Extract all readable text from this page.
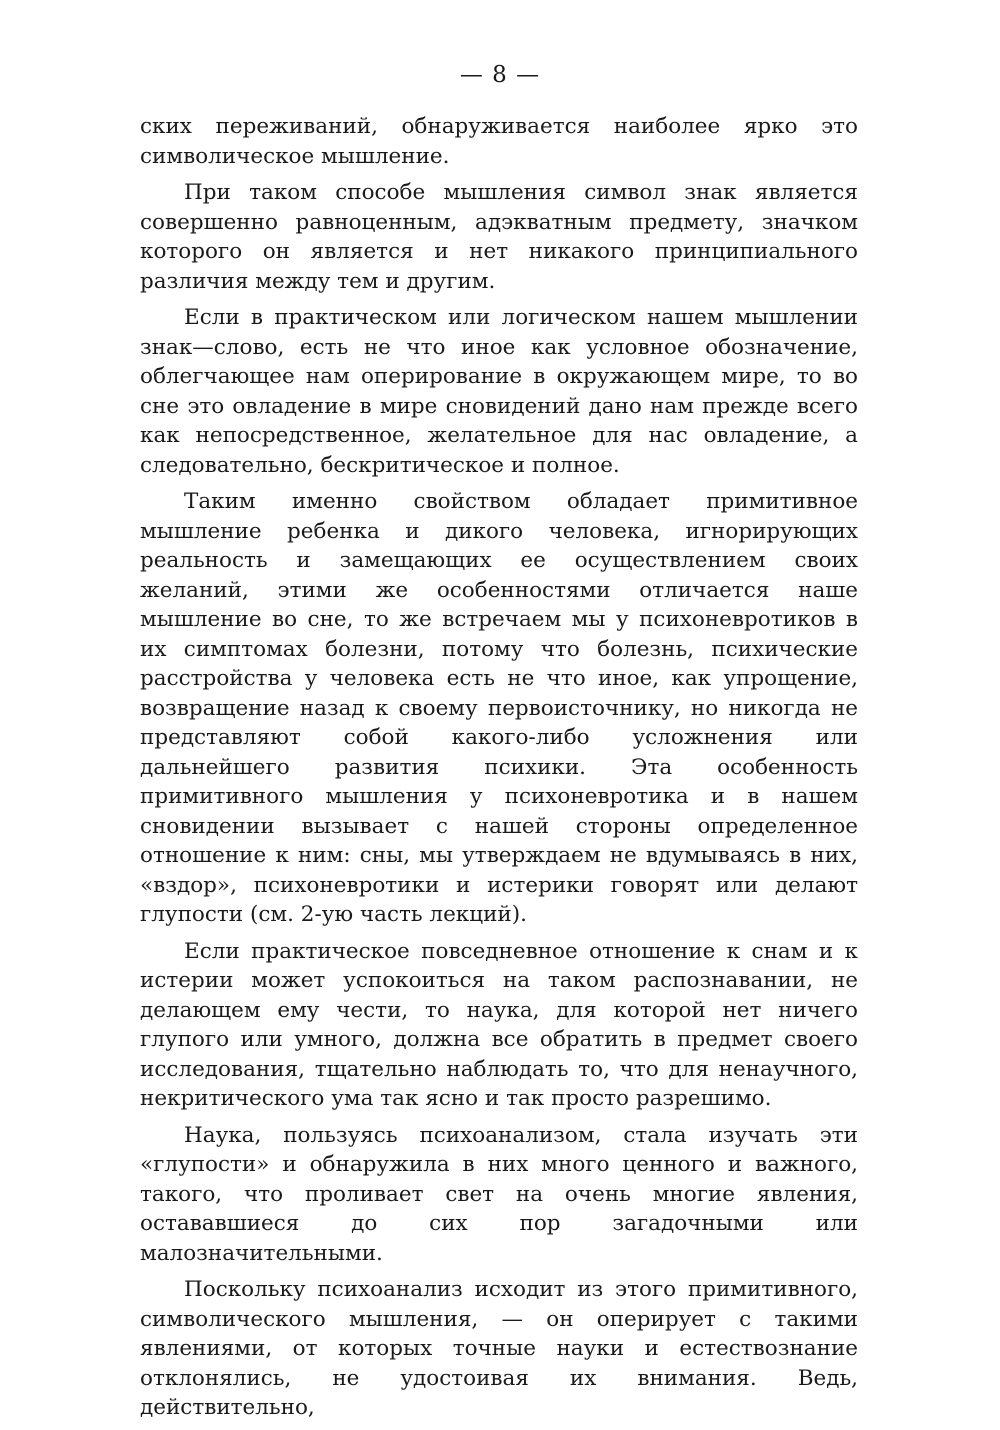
— 8 —

ских переживаний, обнаруживается наиболее ярко это символическое мышление.

При таком способе мышления символ знак является совершенно равноценным, адэкватным предмету, значком которого он является и нет никакого принципиального различия между тем и другим.

Если в практическом или логическом нашем мышлении знак—слово, есть не что иное как условное обозначение, облегчающее нам оперирование в окружающем мире, то во сне это овладение в мире сновидений дано нам прежде всего как непосредственное, желательное для нас овладение, а следовательно, бескритическое и полное.

Таким именно свойством обладает примитивное мышление ребенка и дикого человека, игнорирующих реальность и замещающих ее осуществлением своих желаний, этими же особенностями отличается наше мышление во сне, то же встречаем мы у психоневротиков в их симптомах болезни, потому что болезнь, психические расстройства у человека есть не что иное, как упрощение, возвращение назад к своему первоисточнику, но никогда не представляют собой какого-либо усложнения или дальнейшего развития психики. Эта особенность примитивного мышления у психоневротика и в нашем сновидении вызывает с нашей стороны определенное отношение к ним: сны, мы утверждаем не вдумываясь в них, «вздор», психоневротики и истерики говорят или делают глупости (см. 2-ую часть лекций).

Если практическое повседневное отношение к снам и к истерии может успокоиться на таком распознавании, не делающем ему чести, то наука, для которой нет ничего глупого или умного, должна все обратить в предмет своего исследования, тщательно наблюдать то, что для ненаучного, некритического ума так ясно и так просто разрешимо.

Наука, пользуясь психоанализом, стала изучать эти «глупости» и обнаружила в них много ценного и важного, такого, что проливает свет на очень многие явления, остававшиеся до сих пор загадочными или малозначительными.

Поскольку психоанализ исходит из этого примитивного, символического мышления, — он оперирует с такими явлениями, от которых точные науки и естествознание отклонялись, не удостоивая их внимания. Ведь, действительно,
